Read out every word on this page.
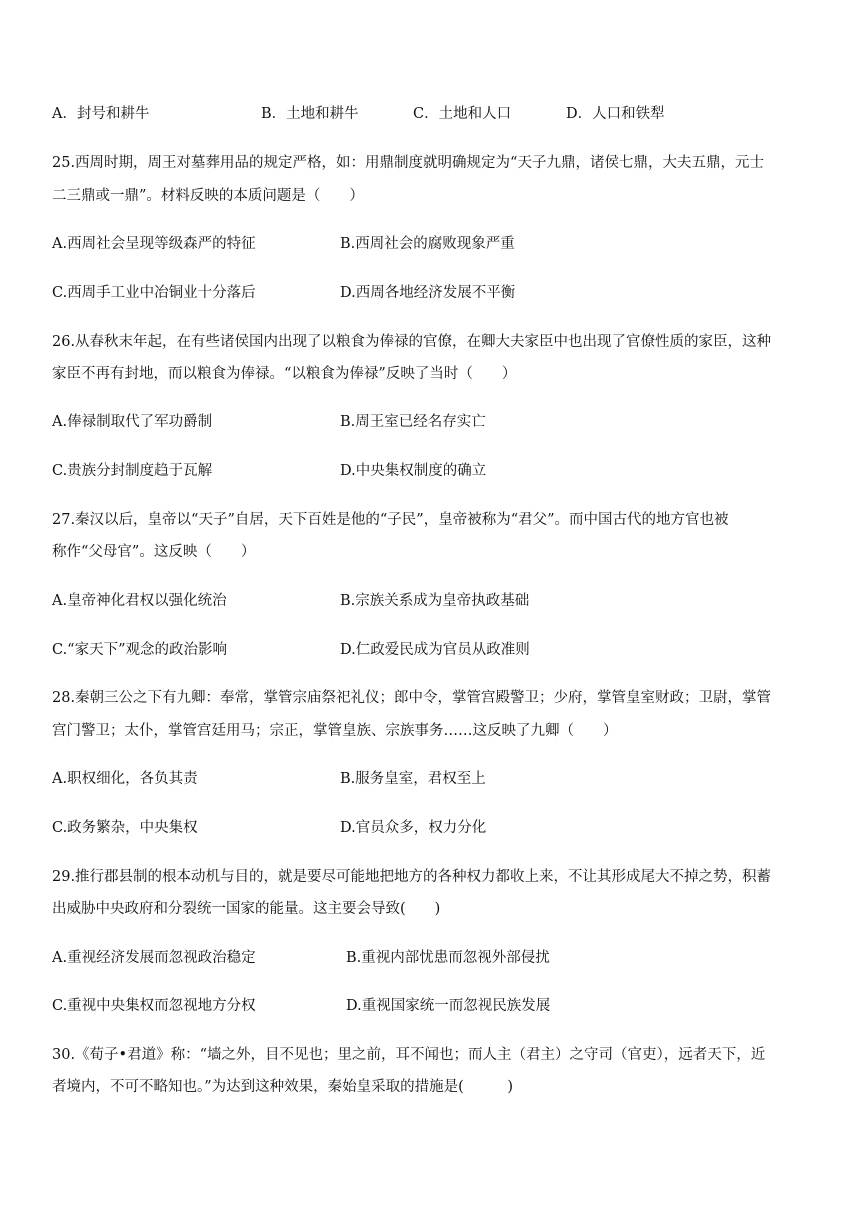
A．封号和耕牛	B．土地和耕牛	C．土地和人口	D．人口和铁犁
25.西周时期，周王对墓葬用品的规定严格，如：用鼎制度就明确规定为“天子九鼎，诸侯七鼎，大夫五鼎，元士
二三鼎或一鼎”。材料反映的本质问题是（　　）
A.西周社会呈现等级森严的特征	B.西周社会的腐败现象严重
C.西周手工业中冶铜业十分落后	D.西周各地经济发展不平衡
26.从春秋末年起，在有些诸侯国内出现了以粮食为俸禄的官僚，在卿大夫家臣中也出现了官僚性质的家臣，这种
家臣不再有封地，而以粮食为俸禄。“以粮食为俸禄”反映了当时（　　）
A.俸禄制取代了军功爵制	B.周王室已经名存实亡
C.贵族分封制度趋于瓦解	D.中央集权制度的确立
27.秦汉以后，皇帝以“天子”自居，天下百姓是他的“子民”，皇帝被称为“君父”。而中国古代的地方官也被
称作“父母官”。这反映（　　）
A.皇帝神化君权以强化统治	B.宗族关系成为皇帝执政基础
C.“家天下”观念的政治影响	D.仁政爱民成为官员从政准则
28.秦朝三公之下有九卿：奉常，掌管宗庙祭祀礼仪；郎中令，掌管宫殿警卫；少府，掌管皇室财政；卫尉，掌管
宫门警卫；太仆，掌管宫廷用马；宗正，掌管皇族、宗族事务……这反映了九卿（　　）
A.职权细化，各负其责	B.服务皇室，君权至上
C.政务繁杂，中央集权	D.官员众多，权力分化
29.推行郡县制的根本动机与目的，就是要尽可能地把地方的各种权力都收上来，不让其形成尾大不掉之势，积蓄
出威胁中央政府和分裂统一国家的能量。这主要会导致(　　)
A.重视经济发展而忽视政治稳定	B.重视内部忧患而忽视外部侵扰
C.重视中央集权而忽视地方分权	D.重视国家统一而忽视民族发展
30.《荀子•君道》称：“墙之外，目不见也；里之前，耳不闻也；而人主（君主）之守司（官吏），远者天下，近
者境内，不可不略知也。”为达到这种效果，秦始皇采取的措施是(　　　)
